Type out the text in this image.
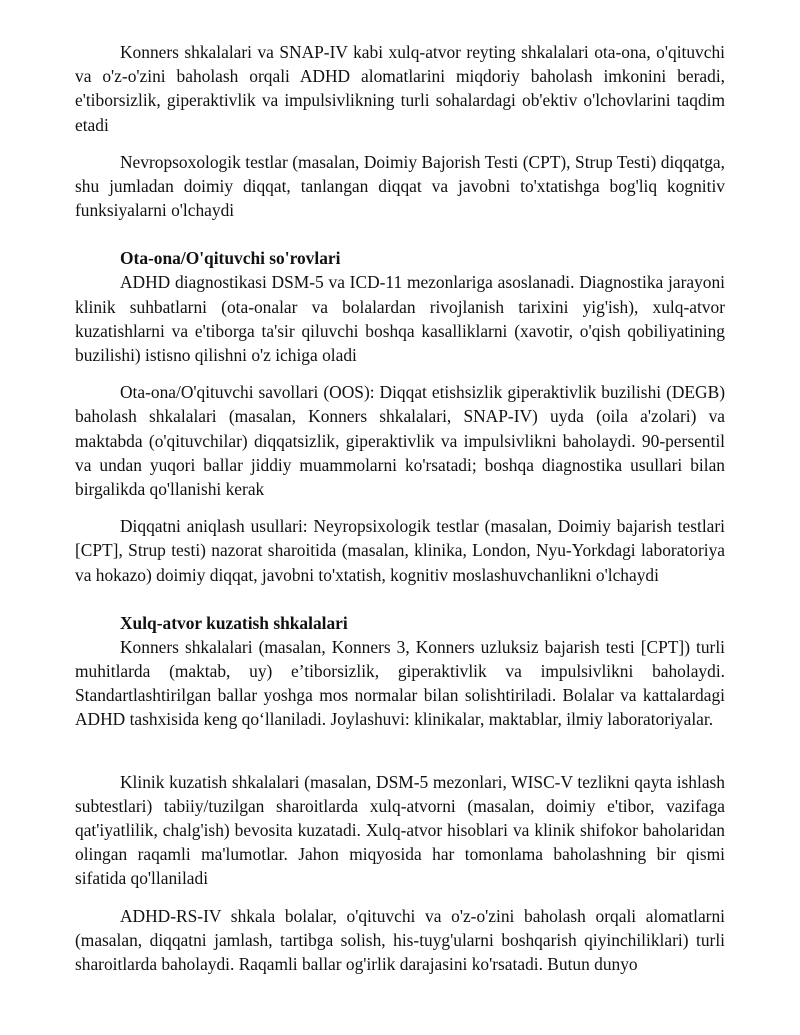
Konners shkalalari va SNAP-IV kabi xulq-atvor reyting shkalalari ota-ona, o'qituvchi va o'z-o'zini baholash orqali ADHD alomatlarini miqdoriy baholash imkonini beradi, e'tiborsizlik, giperaktivlik va impulsivlikning turli sohalardagi ob'ektiv o'lchovlarini taqdim etadi

Nevropsoxologik testlar (masalan, Doimiy Bajorish Testi (CPT), Strup Testi) diqqatga, shu jumladan doimiy diqqat, tanlangan diqqat va javobni to'xtatishga bog'liq kognitiv funksiyalarni o'lchaydi

Ota-ona/O'qituvchi so'rovlari

ADHD diagnostikasi DSM-5 va ICD-11 mezonlariga asoslanadi. Diagnostika jarayoni klinik suhbatlarni (ota-onalar va bolalardan rivojlanish tarixini yig'ish), xulq-atvor kuzatishlarni va e'tiborga ta'sir qiluvchi boshqa kasalliklarni (xavotir, o'qish qobiliyatining buzilishi) istisno qilishni o'z ichiga oladi

Ota-ona/O'qituvchi savollari (OOS): Diqqat etishsizlik giperaktivlik buzilishi (DEGB) baholash shkalalari (masalan, Konners shkalalari, SNAP-IV) uyda (oila a'zolari) va maktabda (o'qituvchilar) diqqatsizlik, giperaktivlik va impulsivlikni baholaydi. 90-persentil va undan yuqori ballar jiddiy muammolarni ko'rsatadi; boshqa diagnostika usullari bilan birgalikda qo'llanishi kerak

Diqqatni aniqlash usullari: Neyropsixologik testlar (masalan, Doimiy bajarish testlari [CPT], Strup testi) nazorat sharoitida (masalan, klinika, London, Nyu-Yorkdagi laboratoriya va hokazo) doimiy diqqat, javobni to'xtatish, kognitiv moslashuvchanlikni o'lchaydi

Xulq-atvor kuzatish shkalalari

Konners shkalalari (masalan, Konners 3, Konners uzluksiz bajarish testi [CPT]) turli muhitlarda (maktab, uy) e’tiborsizlik, giperaktivlik va impulsivlikni baholaydi. Standartlashtirilgan ballar yoshga mos normalar bilan solishtiriladi. Bolalar va kattalardagi ADHD tashxisida keng qo‘llaniladi. Joylashuvi: klinikalar, maktablar, ilmiy laboratoriyalar.

Klinik kuzatish shkalalari (masalan, DSM-5 mezonlari, WISC-V tezlikni qayta ishlash subtestlari) tabiiy/tuzilgan sharoitlarda xulq-atvorni (masalan, doimiy e'tibor, vazifaga qat'iyatlilik, chalg'ish) bevosita kuzatadi. Xulq-atvor hisoblari va klinik shifokor baholaridan olingan raqamli ma'lumotlar. Jahon miqyosida har tomonlama baholashning bir qismi sifatida qo'llaniladi

ADHD-RS-IV shkala bolalar, o'qituvchi va o'z-o'zini baholash orqali alomatlarni (masalan, diqqatni jamlash, tartibga solish, his-tuyg'ularni boshqarish qiyinchiliklari) turli sharoitlarda baholaydi. Raqamli ballar og'irlik darajasini ko'rsatadi. Butun dunyo
